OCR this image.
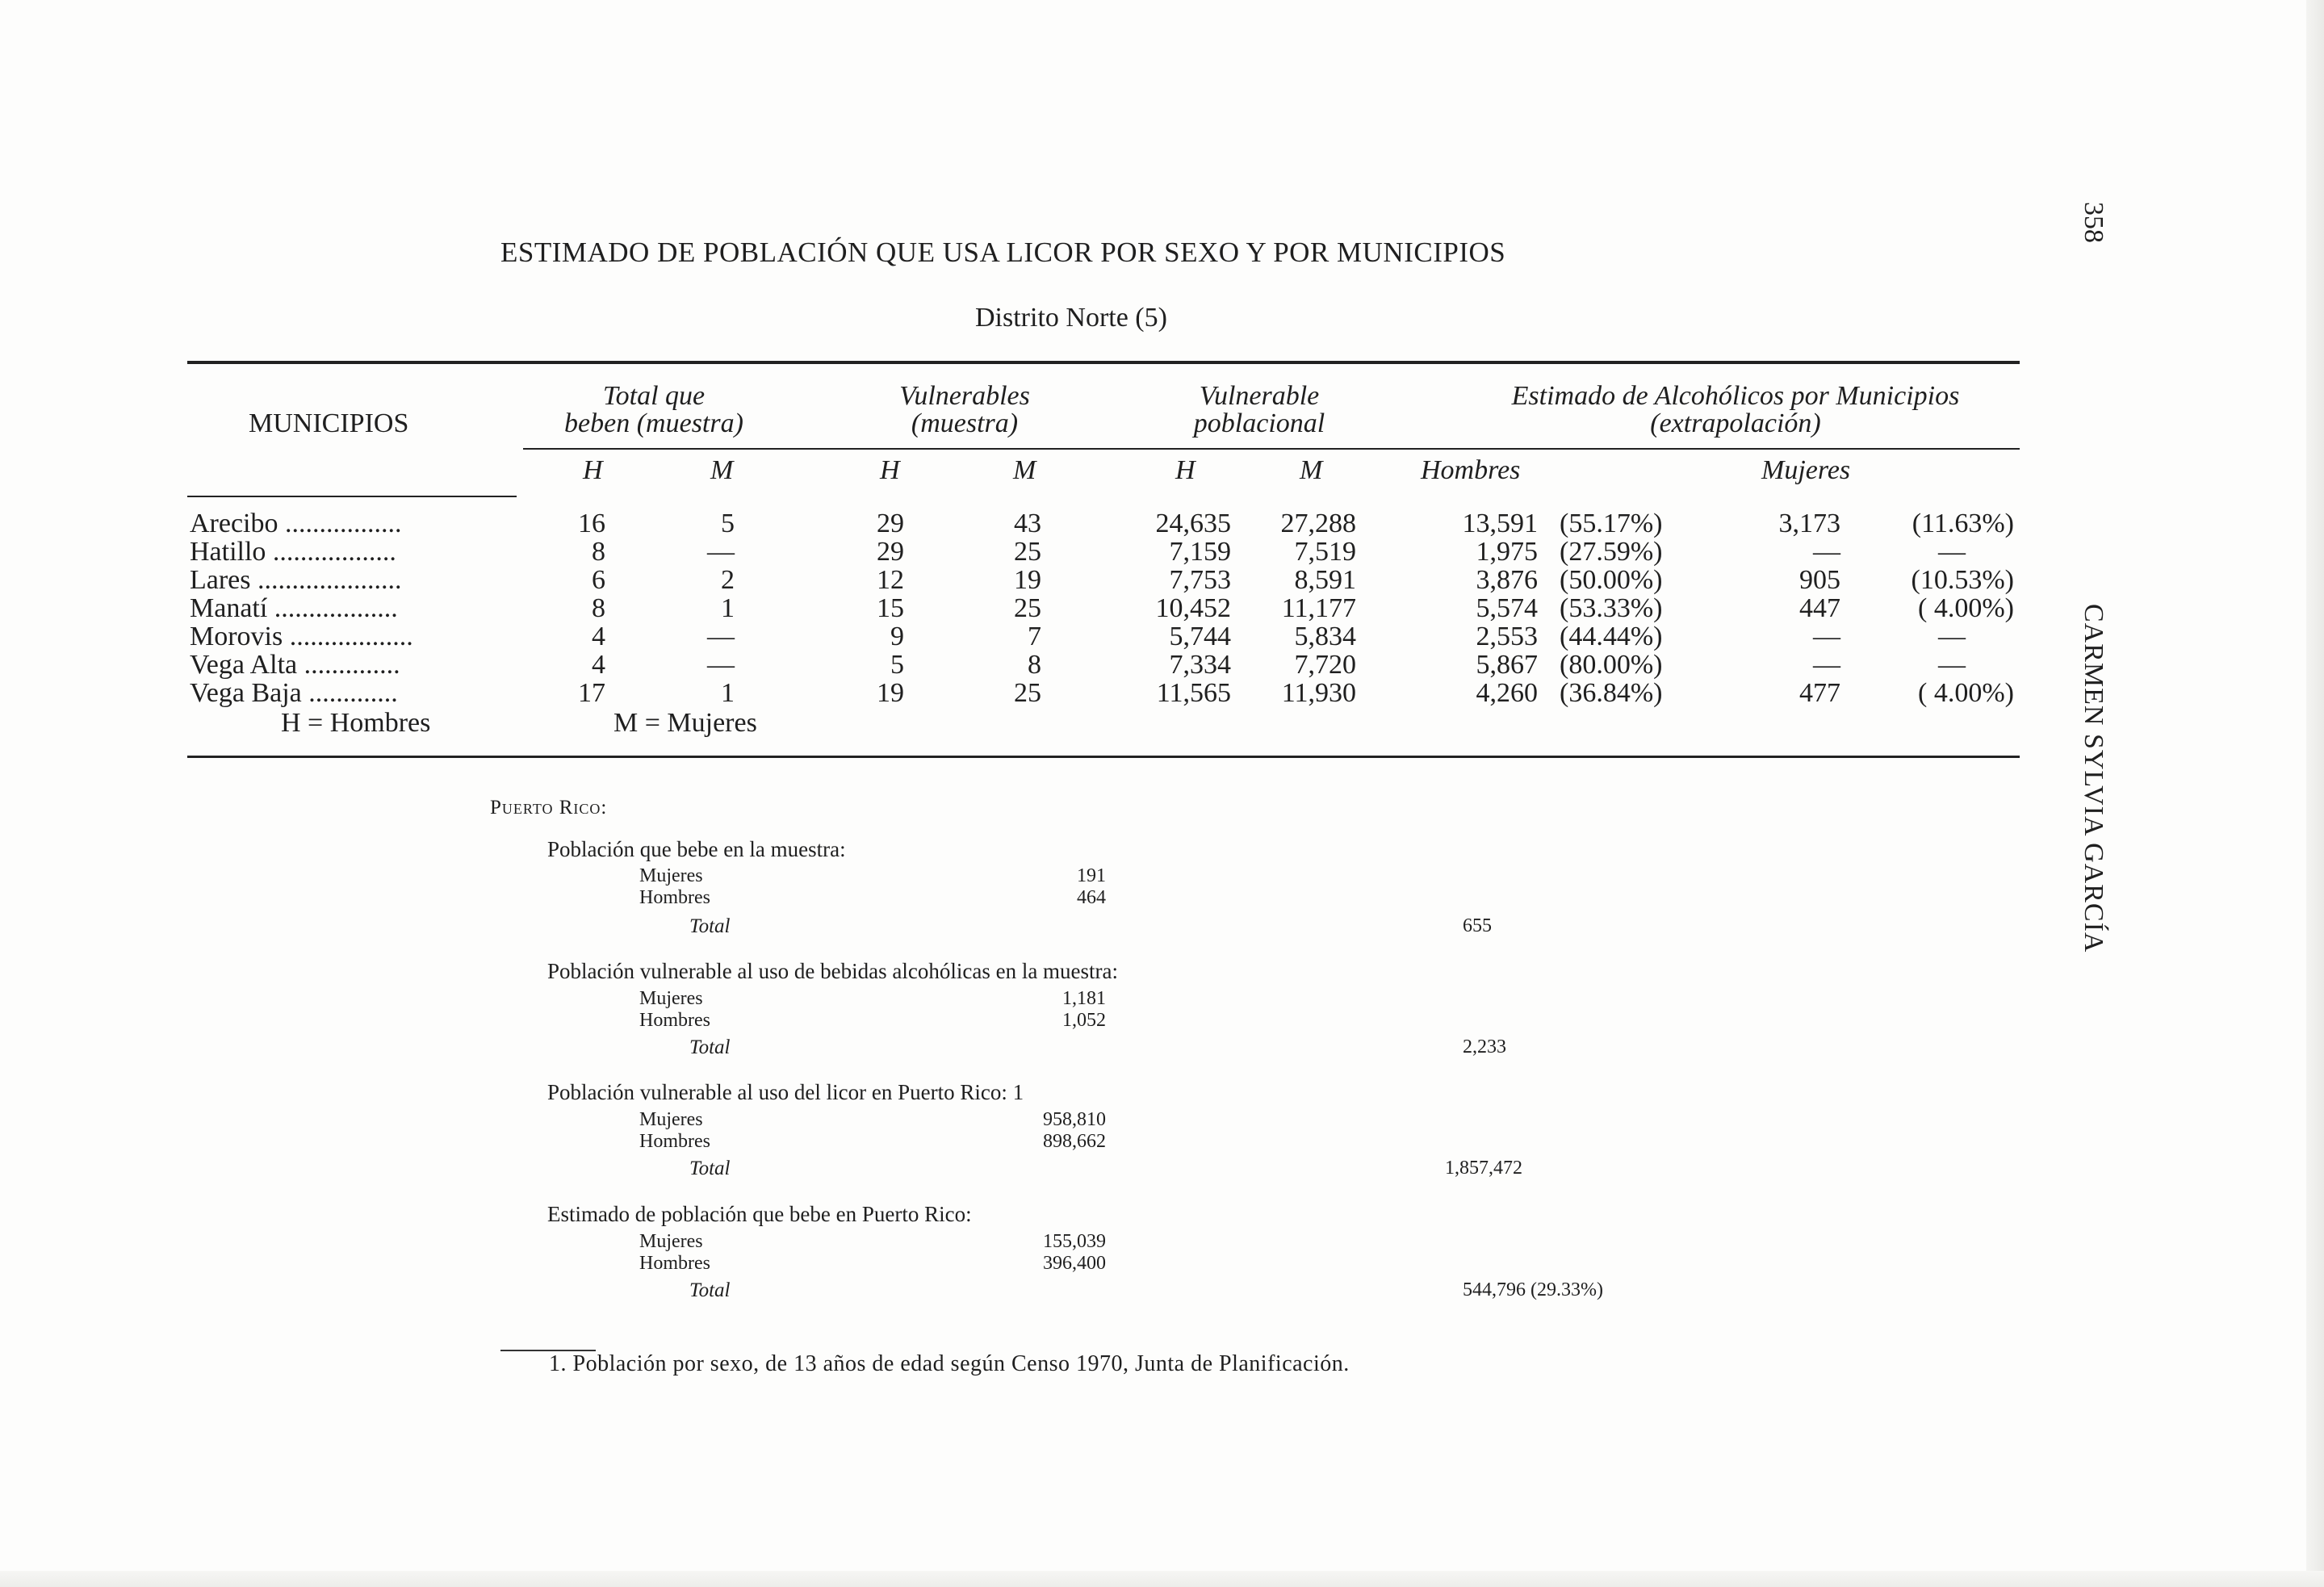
358
CARMEN SYLVIA GARCÍA
ESTIMADO DE POBLACIÓN QUE USA LICOR POR SEXO Y POR MUNICIPIOS
Distrito Norte (5)
MUNICIPIOS
Total que
beben (muestra)
Vulnerables
(muestra)
Vulnerable
poblacional
Estimado de Alcohólicos por Municipios
(extrapolación)
H	M	H	M	H	M	Hombres	Mujeres
Arecibo .................	16	5	29	43	24,635	27,288	13,591 (55.17%)	3,173	(11.63%)
Hatillo ..................	8	—	29	25	7,159	7,519	1,975 (27.59%)	—	—
Lares .....................	6	2	12	19	7,753	8,591	3,876 (50.00%)	905	(10.53%)
Manatí ..................	8	1	15	25	10,452	11,177	5,574 (53.33%)	447	( 4.00%)
Morovis ..................	4	—	9	7	5,744	5,834	2,553 (44.44%)	—	—
Vega Alta ..............	4	—	5	8	7,334	7,720	5,867 (80.00%)	—	—
Vega Baja .............	17	1	19	25	11,565	11,930	4,260 (36.84%)	477	( 4.00%)
H = Hombres	M = Mujeres
Puerto Rico:
Población que bebe en la muestra:
Mujeres	191
Hombres	464
Total	655
Población vulnerable al uso de bebidas alcohólicas en la muestra:
Mujeres	1,181
Hombres	1,052
Total	2,233
Población vulnerable al uso del licor en Puerto Rico: 1
Mujeres	958,810
Hombres	898,662
Total	1,857,472
Estimado de población que bebe en Puerto Rico:
Mujeres	155,039
Hombres	396,400
Total	544,796 (29.33%)
1. Población por sexo, de 13 años de edad según Censo 1970, Junta de Planificación.
